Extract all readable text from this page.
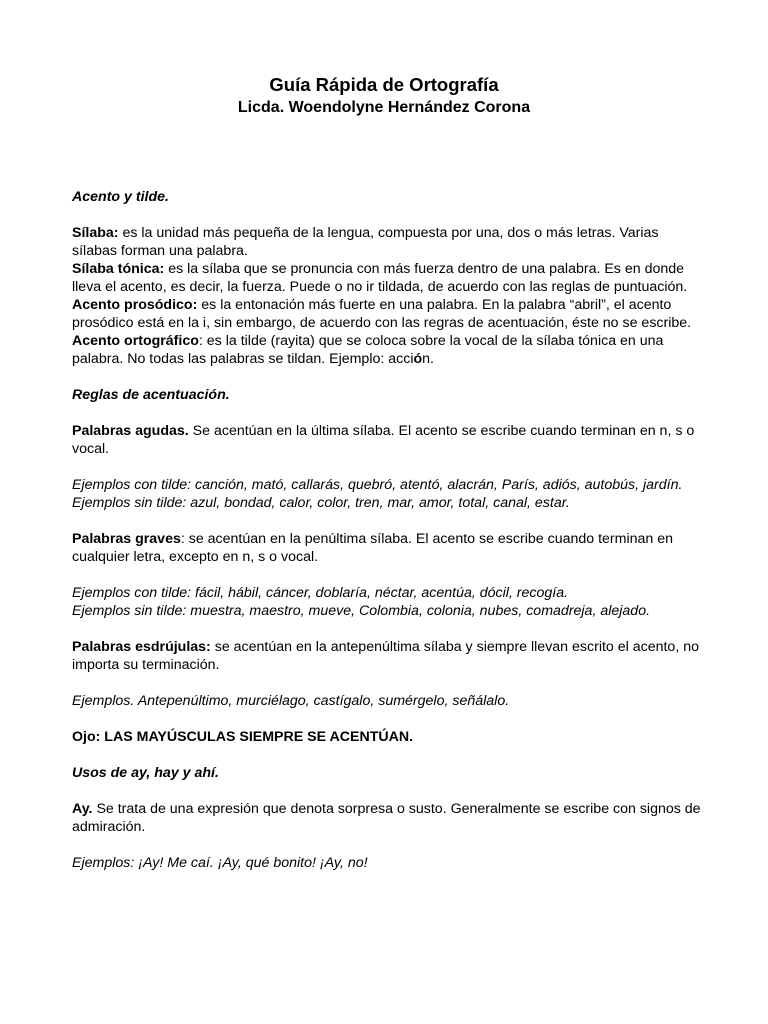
Guía Rápida de Ortografía
Licda. Woendolyne Hernández Corona

Acento y tilde.

Sílaba: es la unidad más pequeña de la lengua, compuesta por una, dos o más letras. Varias sílabas forman una palabra.

Sílaba tónica: es la sílaba que se pronuncia con más fuerza dentro de una palabra. Es en donde lleva el acento, es decir, la fuerza. Puede o no ir tildada, de acuerdo con las reglas de puntuación.

Acento prosódico: es la entonación más fuerte en una palabra. En la palabra “abril”, el acento prosódico está en la i, sin embargo, de acuerdo con las regras de acentuación, éste no se escribe.

Acento ortográfico: es la tilde (rayita) que se coloca sobre la vocal de la sílaba tónica en una palabra. No todas las palabras se tildan. Ejemplo: acción.

Reglas de acentuación.

Palabras agudas. Se acentúan en la última sílaba. El acento se escribe cuando terminan en n, s o vocal.

Ejemplos con tilde: canción, mató, callarás, quebró, atentó, alacrán, París, adiós, autobús, jardín.

Ejemplos sin tilde: azul, bondad, calor, color, tren, mar, amor, total, canal, estar.

Palabras graves: se acentúan en la penúltima sílaba. El acento se escribe cuando terminan en cualquier letra, excepto en n, s o vocal.

Ejemplos con tilde: fácil, hábil, cáncer, doblaría, néctar, acentúa, dócil, recogía.

Ejemplos sin tilde: muestra, maestro, mueve, Colombia, colonia, nubes, comadreja, alejado.

Palabras esdrújulas: se acentúan en la antepenúltima sílaba y siempre llevan escrito el acento, no importa su terminación.

Ejemplos. Antepenúltimo, murciélago, castígalo, sumérgelo, señálalo.

Ojo: LAS MAYÚSCULAS SIEMPRE SE ACENTÚAN.

Usos de ay, hay y ahí.

Ay. Se trata de una expresión que denota sorpresa o susto. Generalmente se escribe con signos de admiración.

Ejemplos: ¡Ay! Me caí. ¡Ay, qué bonito! ¡Ay, no!
